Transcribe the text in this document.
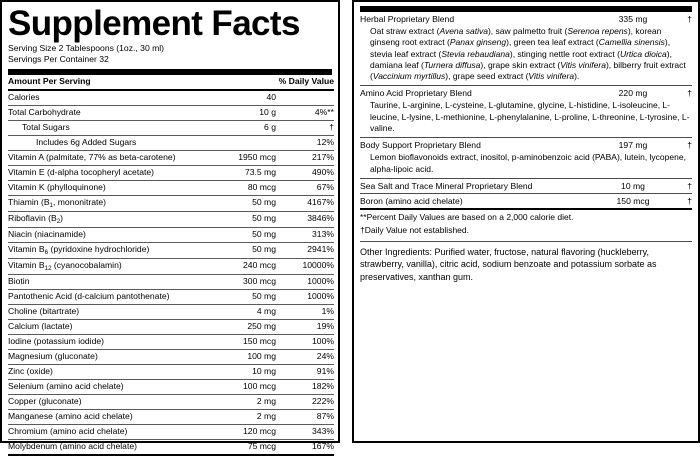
Supplement Facts
Serving Size 2 Tablespoons (1oz., 30 ml)
Servings Per Container 32
Amount Per Serving		% Daily Value
Calories	40	
Total Carbohydrate	10 g	4%**
Total Sugars	6 g	†
Includes 6g Added Sugars		12%
Vitamin A (palmitate, 77% as beta-carotene)	1950 mcg	217%
Vitamin E (d-alpha tocopheryl acetate)	73.5 mg	490%
Vitamin K (phylloquinone)	80 mcg	67%
Thiamin ($B_1$, mononitrate)	50 mg	4167%
Riboflavin $(B_2)$	50 mg	3846%
Niacin (niacinamide)	50 mg	313%
Vitamin $B_6$ (pyridoxine hydrochloride)	50 mg	2941%
Vitamin $B_{12}$ (cyanocobalamin)	240 mcg	10000%
Biotin	300 mcg	1000%
Pantothenic Acid (d-calcium pantothenate)	50 mg	1000%
Choline (bitartrate)	4 mg	1%
Calcium (lactate)	250 mg	19%
Iodine (potassium iodide)	150 mcg	100%
Magnesium (gluconate)	100 mg	24%
Zinc (oxide)	10 mg	91%
Selenium (amino acid chelate)	100 mcg	182%
Copper (gluconate)	2 mg	222%
Manganese (amino acid chelate)	2 mg	87%
Chromium (amino acid chelate)	120 mcg	343%
Molybdenum (amino acid chelate)	75 mcg	167%
Herbal Proprietary Blend	335 mg	†
Oat straw extract (Avena sativa), saw palmetto fruit (Serenoa repens), korean ginseng root extract (Panax ginseng), green tea leaf extract (Camellia sinensis), stevia leaf extract (Stevia rebaudiana), stinging nettle root extract (Urtica dioica), damiana leaf (Turnera diffusa), grape skin extract (Vitis vinifera), bilberry fruit extract (Vaccinium myrtillus), grape seed extract (Vitis vinifera).
Amino Acid Proprietary Blend	220 mg	†
Taurine, L-arginine, L-cysteine, L-glutamine, glycine, L-histidine, L-isoleucine, L-leucine, L-lysine, L-methionine, L-phenylalanine, L-proline, L-threonine, L-tyrosine, L-valine.
Body Support Proprietary Blend	197 mg	†
Lemon bioflavonoids extract, inositol, p-aminobenzoic acid (PABA), lutein, lycopene, alpha-lipoic acid.
Sea Salt and Trace Mineral Proprietary Blend	10 mg	†
Boron (amino acid chelate)	150 mcg	†
**Percent Daily Values are based on a 2,000 calorie diet.
†Daily Value not established.
Other Ingredients: Purified water, fructose, natural flavoring (huckleberry, strawberry, vanilla), citric acid, sodium benzoate and potassium sorbate as preservatives, xanthan gum.
